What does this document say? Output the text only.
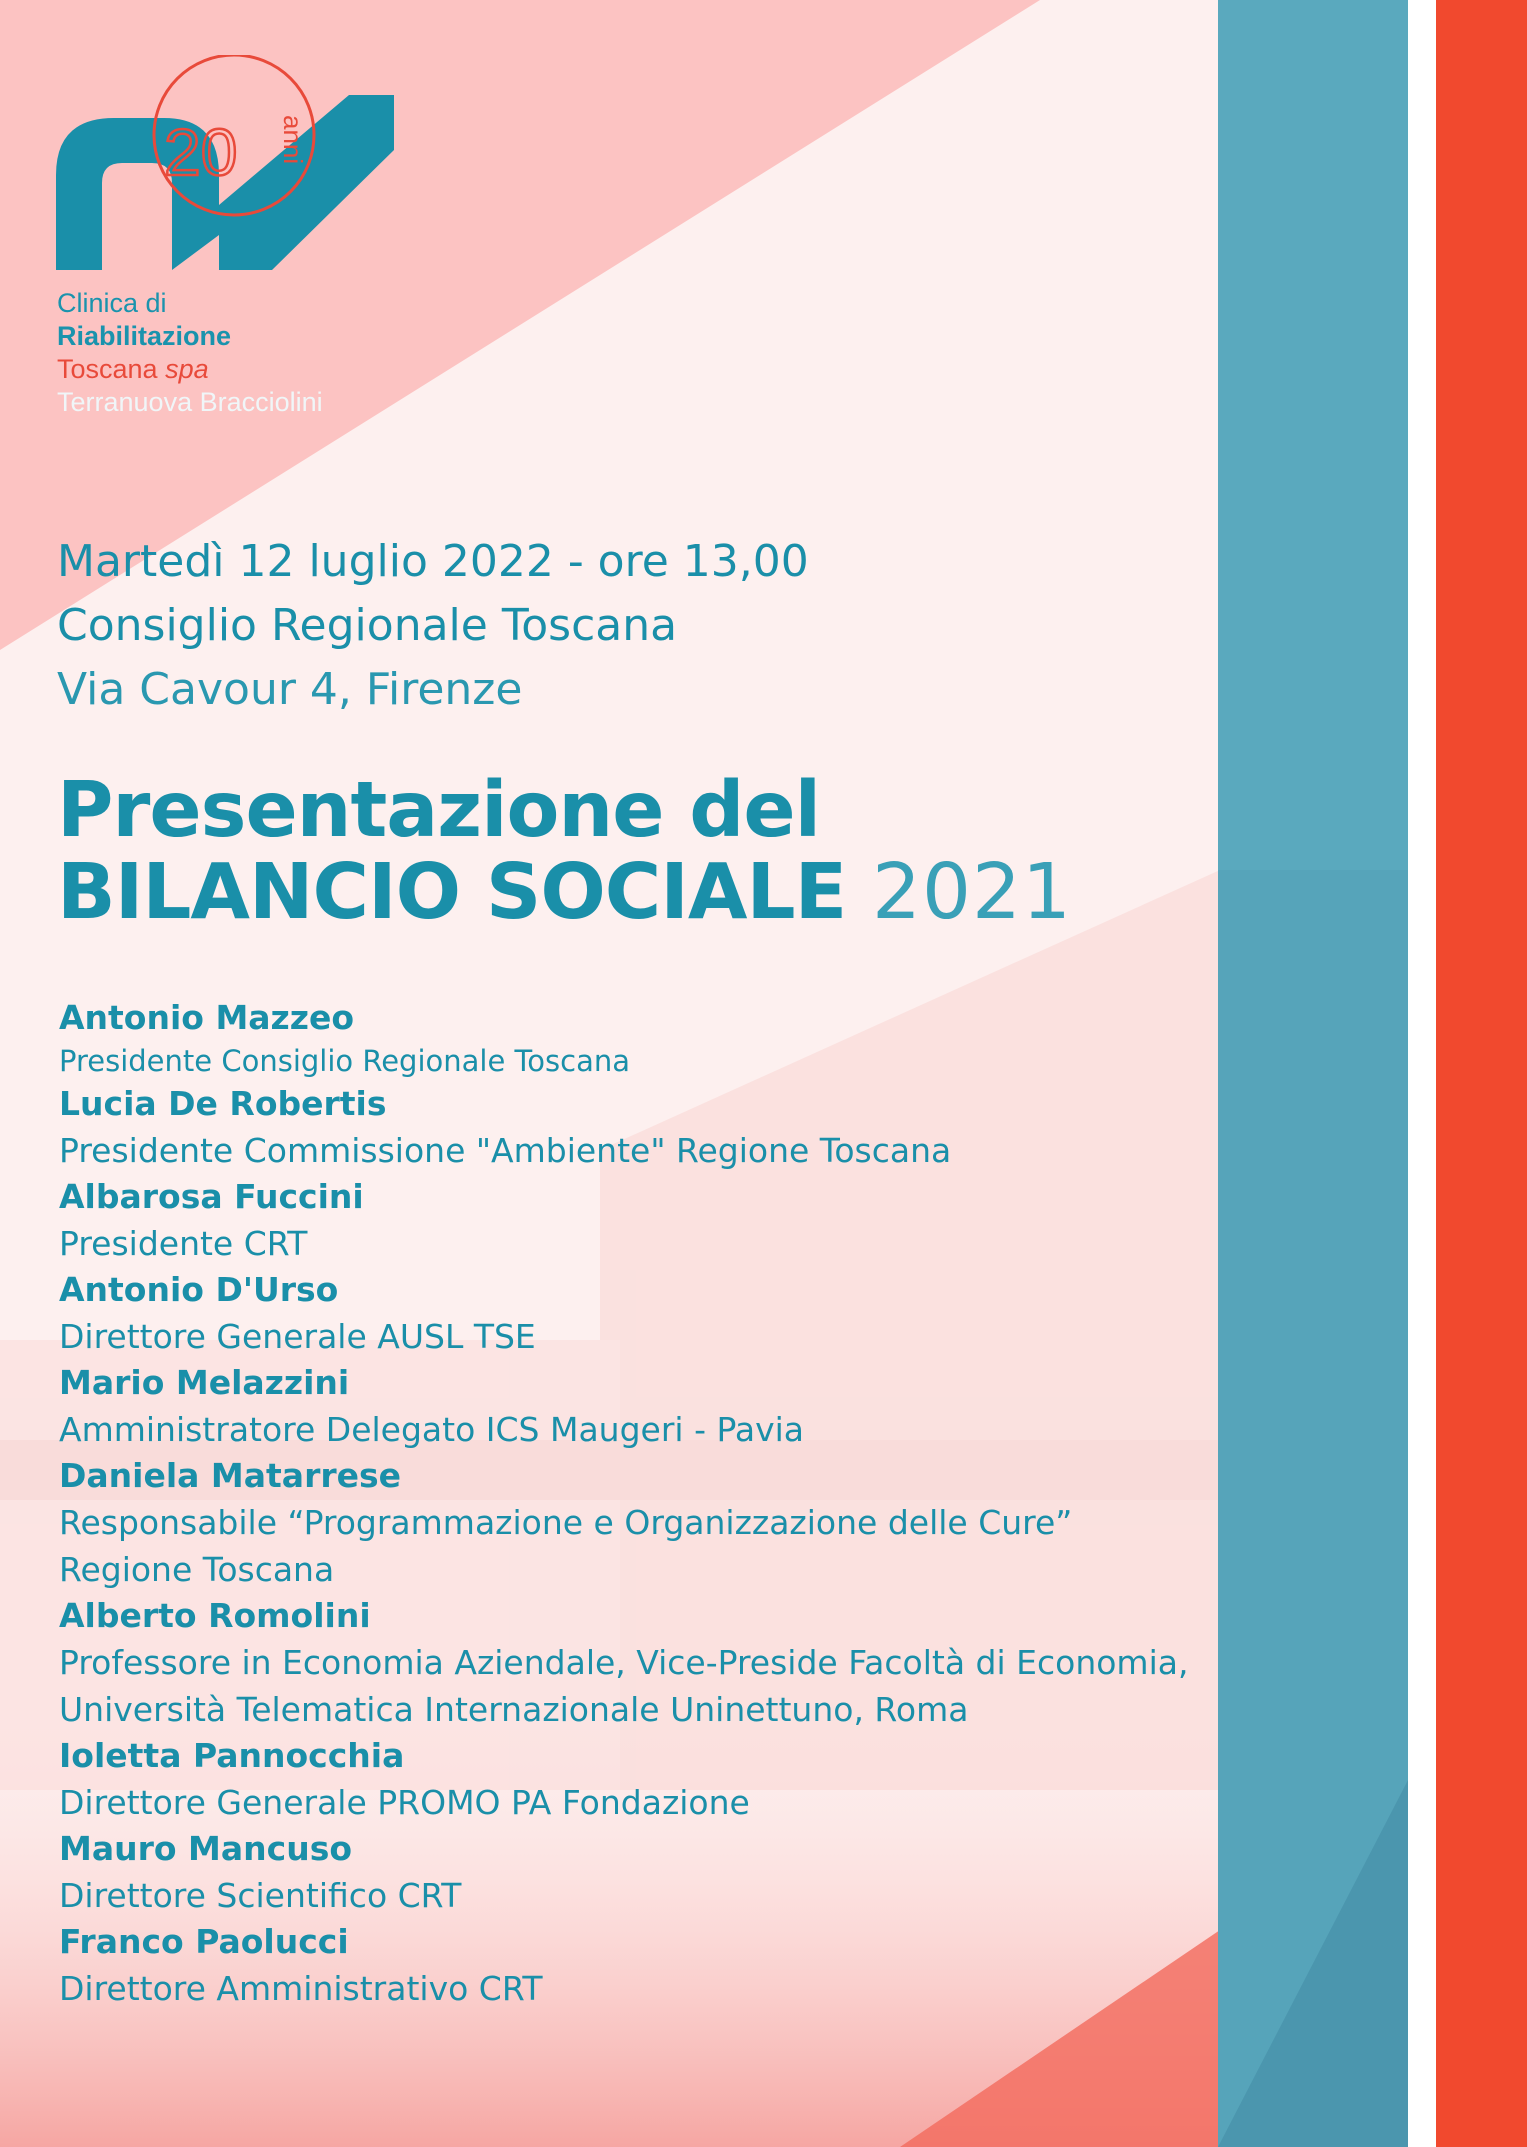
20 anni
Clinica di
Riabilitazione
Toscana spa
Terranuova Bracciolini
Martedì 12 luglio 2022 - ore 13,00
Consiglio Regionale Toscana
Via Cavour 4, Firenze
Presentazione del
BILANCIO SOCIALE 2021
Antonio Mazzeo
Presidente Consiglio Regionale Toscana
Lucia De Robertis
Presidente Commissione "Ambiente" Regione Toscana
Albarosa Fuccini
Presidente CRT
Antonio D'Urso
Direttore Generale AUSL TSE
Mario Melazzini
Amministratore Delegato ICS Maugeri - Pavia
Daniela Matarrese
Responsabile “Programmazione e Organizzazione delle Cure”
Regione Toscana
Alberto Romolini
Professore in Economia Aziendale, Vice-Preside Facoltà di Economia,
Università Telematica Internazionale Uninettuno, Roma
Ioletta Pannocchia
Direttore Generale PROMO PA Fondazione
Mauro Mancuso
Direttore Scientifico CRT
Franco Paolucci
Direttore Amministrativo CRT
